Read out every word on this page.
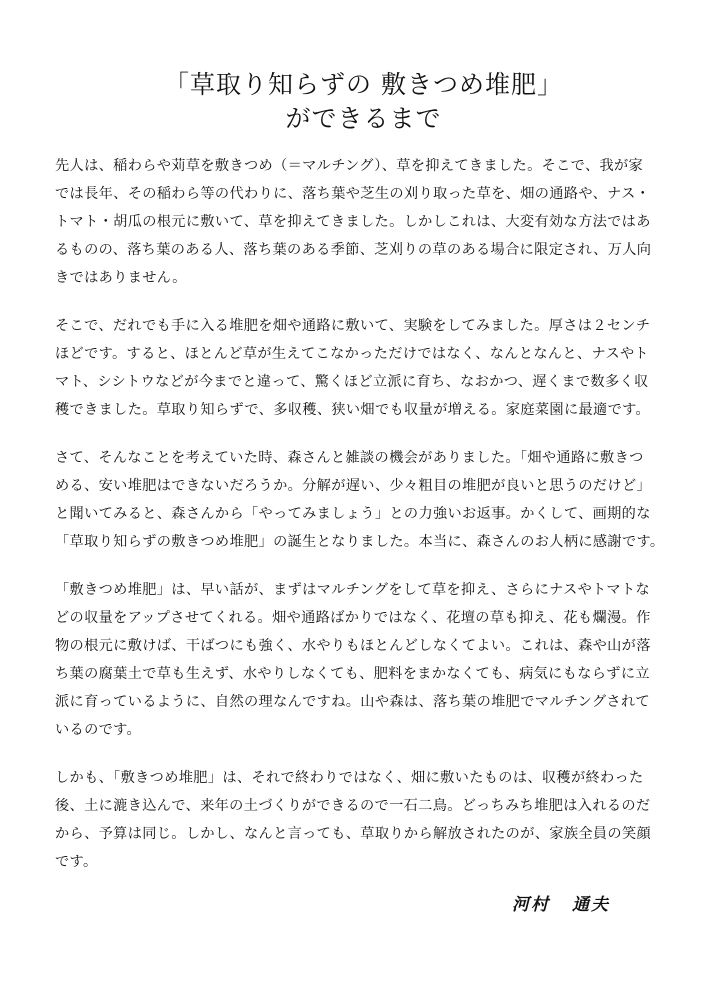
「草取り知らずの 敷きつめ堆肥」
ができるまで
先人は、稲わらや苅草を敷きつめ（＝マルチング）、草を抑えてきました。そこで、我が家
では長年、その稲わら等の代わりに、落ち葉や芝生の刈り取った草を、畑の通路や、ナス・
トマト・胡瓜の根元に敷いて、草を抑えてきました。しかしこれは、大変有効な方法ではあ
るものの、落ち葉のある人、落ち葉のある季節、芝刈りの草のある場合に限定され、万人向
きではありません。
そこで、だれでも手に入る堆肥を畑や通路に敷いて、実験をしてみました。厚さは２センチ
ほどです。すると、ほとんど草が生えてこなかっただけではなく、なんとなんと、ナスやト
マト、シシトウなどが今までと違って、驚くほど立派に育ち、なおかつ、遅くまで数多く収
穫できました。草取り知らずで、多収穫、狭い畑でも収量が増える。家庭菜園に最適です。
さて、そんなことを考えていた時、森さんと雑談の機会がありました。「畑や通路に敷きつ
める、安い堆肥はできないだろうか。分解が遅い、少々粗目の堆肥が良いと思うのだけど」
と聞いてみると、森さんから「やってみましょう」との力強いお返事。かくして、画期的な
「草取り知らずの敷きつめ堆肥」の誕生となりました。本当に、森さんのお人柄に感謝です。
「敷きつめ堆肥」は、早い話が、まずはマルチングをして草を抑え、さらにナスやトマトな
どの収量をアップさせてくれる。畑や通路ばかりではなく、花壇の草も抑え、花も爛漫。作
物の根元に敷けば、干ばつにも強く、水やりもほとんどしなくてよい。これは、森や山が落
ち葉の腐葉土で草も生えず、水やりしなくても、肥料をまかなくても、病気にもならずに立
派に育っているように、自然の理なんですね。山や森は、落ち葉の堆肥でマルチングされて
いるのです。
しかも、「敷きつめ堆肥」は、それで終わりではなく、畑に敷いたものは、収穫が終わった
後、土に漉き込んで、来年の土づくりができるので一石二鳥。どっちみち堆肥は入れるのだ
から、予算は同じ。しかし、なんと言っても、草取りから解放されたのが、家族全員の笑顔
です。
河村 通夫
